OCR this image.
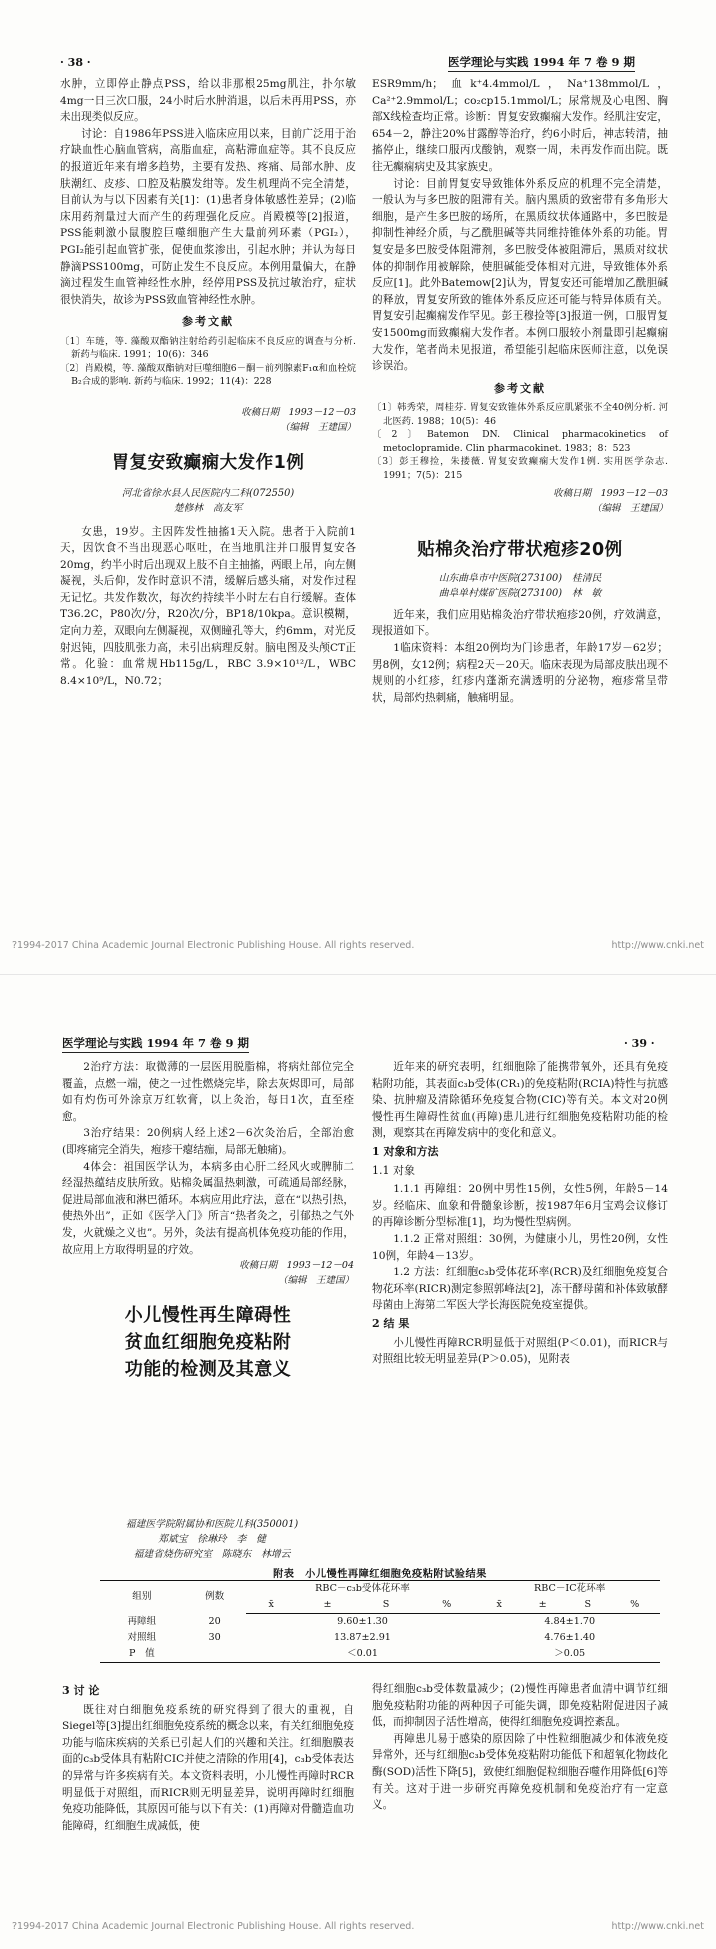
· 38 ·	医学理论与实践 1994 年 7 卷 9 期

水肿，立即停止静点PSS，给以非那根25mg肌注，扑尔敏4mg一日三次口服，24小时后水肿消退，以后未再用PSS，亦未出现类似反应。

讨论：自1986年PSS进入临床应用以来，目前广泛用于治疗缺血性心脑血管病，高脂血症，高粘滞血症等。其不良反应的报道近年来有增多趋势，主要有发热、疼痛、局部水肿、皮肤潮红、皮疹、口腔及粘膜发绀等。发生机理尚不完全清楚，目前认为与以下因素有关[1]：(1)患者身体敏感性差异；(2)临床用药剂量过大而产生的药理强化反应。肖殿模等[2]报道，PSS能刺激小鼠腹腔巨噬细胞产生大量前列环素（PGI₂），PGI₂能引起血管扩张，促使血浆渗出，引起水肿；并认为每日静滴PSS100mg，可防止发生不良反应。本例用量偏大，在静滴过程发生血管神经性水肿，经停用PSS及抗过敏治疗，症状很快消失，故诊为PSS致血管神经性水肿。

参考文献
〔1〕车琏，等. 藻酸双酯钠注射给药引起临床不良反应的调查与分析. 新药与临床. 1991；10(6)：346
〔2〕肖殿模，等. 藻酸双酯钠对巨噬细胞6－酮－前列腺素F₁α和血栓烷B₂合成的影响. 新药与临床. 1992；11(4)：228
收稿日期　1993－12－03
（编辑　王建国）
胃复安致癫痫大发作1例
河北省徐水县人民医院内二科(072550)
楚修林　高友军

女患，19岁。主因阵发性抽搐1天入院。患者于入院前1天，因饮食不当出现恶心呕吐，在当地肌注并口服胃复安各20mg，约半小时后出现双上肢不自主抽搐，两眼上吊，向左侧凝视，头后仰，发作时意识不清，缓解后感头痛，对发作过程无记忆。共发作数次，每次约持续半小时左右自行缓解。查体T36.2C，P80次/分，R20次/分，BP18/10kpa。意识模糊，定向力差，双眼向左侧凝视，双侧瞳孔等大，约6mm，对光反射迟钝，四肢肌张力高，未引出病理反射。脑电图及头颅CT正常。化验：血常规Hb115g/L，RBC 3.9×10¹²/L，WBC 8.4×10⁹/L，N0.72；

ESR9mm/h；血k⁺4.4mmol/L，Na⁺138mmol/L，Ca²⁺2.9mmol/L；co₂cp15.1mmol/L；尿常规及心电图、胸部X线检查均正常。诊断：胃复安致癫痫大发作。经肌注安定，654－2，静注20%甘露醇等治疗，约6小时后，神志转清，抽搐停止，继续口服丙戊酸钠，观察一周，未再发作而出院。既往无癫痫病史及其家族史。

讨论：目前胃复安导致锥体外系反应的机理不完全清楚，一般认为与多巴胺的阻滞有关。脑内黑质的致密带有多角形大细胞，是产生多巴胺的场所，在黑质纹状体通路中，多巴胺是抑制性神经介质，与乙酰胆碱等共同维持锥体外系的功能。胃复安是多巴胺受体阻滞剂，多巴胺受体被阻滞后，黑质对纹状体的抑制作用被解除，使胆碱能受体相对亢进，导致锥体外系反应[1]。此外Batemow[2]认为，胃复安还可能增加乙酰胆碱的释放，胃复安所致的锥体外系反应还可能与特异体质有关。胃复安引起癫痫发作罕见。彭王穆捡等[3]报道一例，口服胃复安1500mg而致癫痫大发作者。本例口服较小剂量即引起癫痫大发作，笔者尚未见报道，希望能引起临床医师注意，以免误诊误治。

参考文献
〔1〕韩秀荣，周桂芬. 胃复安致锥体外系反应肌紧张不全40例分析. 河北医药. 1988；10(5)：46
〔2〕Batemon DN. Clinical pharmacokinetics of metoclopramide. Clin pharmacokinet. 1983；8：523
〔3〕彭王穆捡，朱搂薇. 胃复安致癫痫大发作1例. 实用医学杂志. 1991；7(5)：215
收稿日期　1993－12－03
（编辑　王建国）
贴棉灸治疗带状疱疹20例
山东曲阜市中医院(273100)　 桂清民
曲阜单村煤矿医院(273100)　 林　敏

近年来，我们应用贴棉灸治疗带状疱疹20例，疗效满意，现报道如下。

1临床资料：本组20例均为门诊患者，年龄17岁－62岁；男8例，女12例；病程2天－20天。临床表现为局部皮肤出现不规则的小红疹，红疹内蓬渐充满透明的分泌物，疱疹常呈带状，局部灼热刺痛，触痛明显。

?1994-2017 China Academic Journal Electronic Publishing House. All rights reserved.	http://www.cnki.net
医学理论与实践 1994 年 7 卷 9 期	· 39 ·

2治疗方法：取微薄的一层医用脱脂棉，将病灶部位完全覆盖，点燃一端，使之一过性燃烧完毕，除去灰烬即可，局部如有灼伤可外涂京万红软膏，以上灸治，每日1次，直至痊愈。

3治疗结果：20例病人经上述2－6次灸治后，全部治愈(即疼痛完全消失，疱疹干瘪结痂，局部无触痛)。

4体会：祖国医学认为，本病多由心肝二经风火或脾肺二经湿热蕴结皮肤所致。贴棉灸属温热刺激，可疏通局部经脉，促进局部血液和淋巴循环。本病应用此疗法，意在“以热引热，使热外出”，正如《医学入门》所言“热者灸之，引郁热之气外发，火就燥之义也”。另外，灸法有提高机体免疫功能的作用，故应用上方取得明显的疗效。

收稿日期　1993－12－04
（编辑　王建国）
小儿慢性再生障碍性
贫血红细胞免疫粘附
功能的检测及其意义
福建医学院附属协和医院儿科(350001)
郑斌宝　徐琳玲　李　健
福建省烧伤研究室　 陈晓东　林增云

近年来的研究表明，红细胞除了能携带氧外，还具有免疫粘附功能，其表面c₃b受体(CR₁)的免疫粘附(RCIA)特性与抗感染、抗肿瘤及清除循环免疫复合物(CIC)等有关。本文对20例慢性再生障碍性贫血(再障)患儿进行红细胞免疫粘附功能的检测，观察其在再障发病中的变化和意义。

1 对象和方法
1.1 对象

1.1.1 再障组：20例中男性15例，女性5例，年龄5－14岁。经临床、血象和骨髓象诊断，按1987年6月宝鸡会议修订的再障诊断分型标准[1]，均为慢性型病例。

1.1.2 正常对照组：30例，为健康小儿，男性20例，女性10例，年龄4－13岁。

1.2 方法：红细胞c₃b受体花环率(RCR)及红细胞免疫复合物花环率(RICR)测定参照郭峰法[2]，冻干酵母菌和补体致敏酵母菌由上海第二军医大学长海医院免疫室提供。

2 结 果

小儿慢性再障RCR明显低于对照组(P＜0.01)，而RICR与对照组比较无明显差异(P＞0.05)，见附表

附表　小儿慢性再障红细胞免疫粘附试验结果
组别	例数	RBC－c₃b受体花环率				RBC－IC花环率			
		x̄	±	S	%	x̄	±	S	%
再障组	20	9.60±1.30				4.84±1.70			
对照组	30	13.87±2.91				4.76±1.40			
P　值		＜0.01				＞0.05			
3 讨 论

既往对白细胞免疫系统的研究得到了很大的重视，自Siegel等[3]提出红细胞免疫系统的概念以来，有关红细胞免疫功能与临床疾病的关系已引起人们的兴趣和关注。红细胞膜表面的c₃b受体具有粘附CIC并使之清除的作用[4]，c₃b受体表达的异常与许多疾病有关。本文资料表明，小儿慢性再障时RCR明显低于对照组，而RICR则无明显差异，说明再障时红细胞免疫功能降低，其原因可能与以下有关：(1)再障对骨髓造血功能障碍，红细胞生成减低，使

得红细胞c₃b受体数量减少；(2)慢性再障患者血清中调节红细胞免疫粘附功能的两种因子可能失调，即免疫粘附促进因子减低，而抑制因子活性增高，使得红细胞免疫调控紊乱。

再障患儿易于感染的原因除了中性粒细胞减少和体液免疫异常外，还与红细胞c₃b受体免疫粘附功能低下和超氧化物歧化酶(SOD)活性下降[5]，致使红细胞促粒细胞吞噬作用降低[6]等有关。这对于进一步研究再障免疫机制和免疫治疗有一定意义。

?1994-2017 China Academic Journal Electronic Publishing House. All rights reserved.	http://www.cnki.net
